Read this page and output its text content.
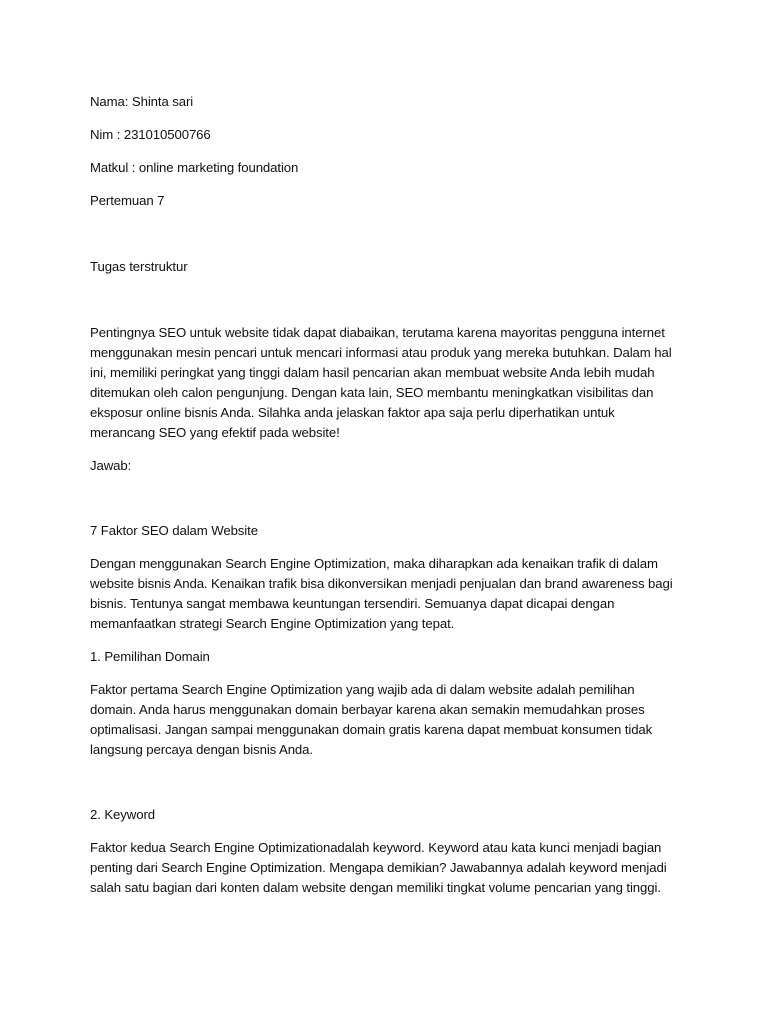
Nama: Shinta sari

Nim : 231010500766

Matkul : online marketing foundation

Pertemuan 7

Tugas terstruktur

Pentingnya SEO untuk website tidak dapat diabaikan, terutama karena mayoritas pengguna internet menggunakan mesin pencari untuk mencari informasi atau produk yang mereka butuhkan. Dalam hal ini, memiliki peringkat yang tinggi dalam hasil pencarian akan membuat website Anda lebih mudah ditemukan oleh calon pengunjung. Dengan kata lain, SEO membantu meningkatkan visibilitas dan eksposur online bisnis Anda. Silahka anda jelaskan faktor apa saja perlu diperhatikan untuk merancang SEO yang efektif pada website!

Jawab:

7 Faktor SEO dalam Website

Dengan menggunakan Search Engine Optimization, maka diharapkan ada kenaikan trafik di dalam website bisnis Anda. Kenaikan trafik bisa dikonversikan menjadi penjualan dan brand awareness bagi bisnis. Tentunya sangat membawa keuntungan tersendiri. Semuanya dapat dicapai dengan memanfaatkan strategi Search Engine Optimization yang tepat.

1. Pemilihan Domain

Faktor pertama Search Engine Optimization yang wajib ada di dalam website adalah pemilihan domain. Anda harus menggunakan domain berbayar karena akan semakin memudahkan proses optimalisasi. Jangan sampai menggunakan domain gratis karena dapat membuat konsumen tidak langsung percaya dengan bisnis Anda.

2. Keyword

Faktor kedua Search Engine Optimizationadalah keyword. Keyword atau kata kunci menjadi bagian penting dari Search Engine Optimization. Mengapa demikian? Jawabannya adalah keyword menjadi salah satu bagian dari konten dalam website dengan memiliki tingkat volume pencarian yang tinggi.
